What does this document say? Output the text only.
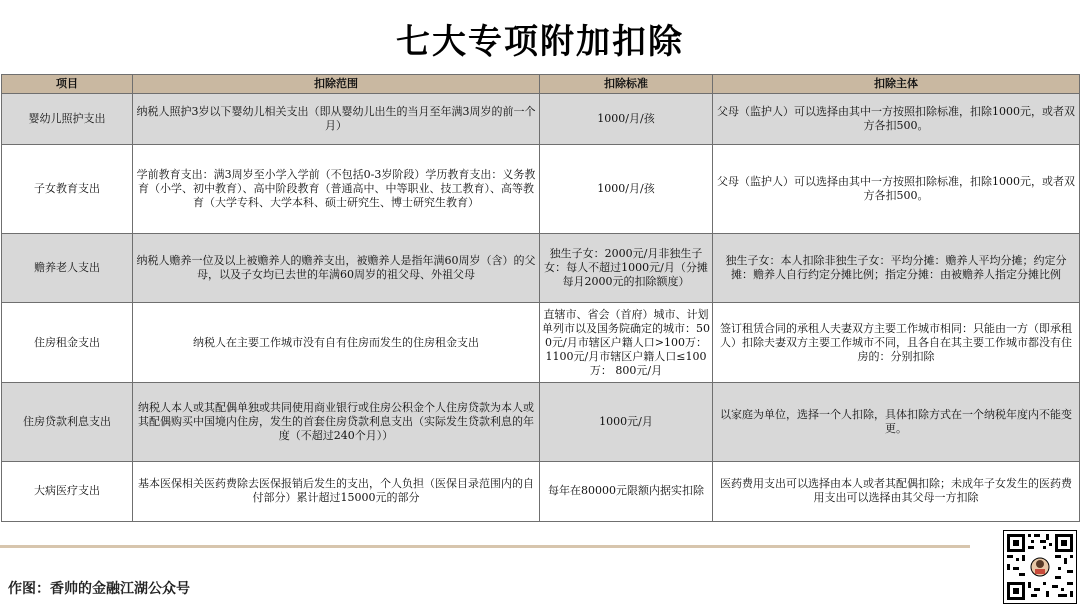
七大专项附加扣除
项目	扣除范围	扣除标准	扣除主体
婴幼儿照护支出	纳税人照护3岁以下婴幼儿相关支出（即从婴幼儿出生的当月至年满3周岁的前一个月）	1000/月/孩	父母（监护人）可以选择由其中一方按照扣除标准，扣除1000元，或者双方各扣500。
子女教育支出	学前教育支出：满3周岁至小学入学前（不包括0-3岁阶段）学历教育支出：义务教育（小学、初中教育）、高中阶段教育（普通高中、中等职业、技工教育）、高等教育（大学专科、大学本科、硕士研究生、博士研究生教育）	1000/月/孩	父母（监护人）可以选择由其中一方按照扣除标准，扣除1000元，或者双方各扣500。
赡养老人支出	纳税人赡养一位及以上被赡养人的赡养支出，被赡养人是指年满60周岁（含）的父母，以及子女均已去世的年满60周岁的祖父母、外祖父母	独生子女：2000元/月非独生子女：每人不超过1000元/月（分摊每月2000元的扣除额度）	独生子女：本人扣除非独生子女：平均分摊：赡养人平均分摊；约定分摊：赡养人自行约定分摊比例；指定分摊：由被赡养人指定分摊比例
住房租金支出	纳税人在主要工作城市没有自有住房而发生的住房租金支出	直辖市、省会（首府）城市、计划单列市以及国务院确定的城市：500元/月市辖区户籍人口>100万：1100元/月市辖区户籍人口≤100万： 800元/月	签订租赁合同的承租人夫妻双方主要工作城市相同：只能由一方（即承租人）扣除夫妻双方主要工作城市不同，且各自在其主要工作城市都没有住房的：分别扣除
住房贷款利息支出	纳税人本人或其配偶单独或共同使用商业银行或住房公积金个人住房贷款为本人或其配偶购买中国境内住房，发生的首套住房贷款利息支出（实际发生贷款利息的年度（不超过240个月））	1000元/月	以家庭为单位，选择一个人扣除，具体扣除方式在一个纳税年度内不能变更。
大病医疗支出	基本医保相关医药费除去医保报销后发生的支出，个人负担（医保目录范围内的自付部分）累计超过15000元的部分	每年在80000元限额内据实扣除	医药费用支出可以选择由本人或者其配偶扣除；未成年子女发生的医药费用支出可以选择由其父母一方扣除
作图：香帅的金融江湖公众号
